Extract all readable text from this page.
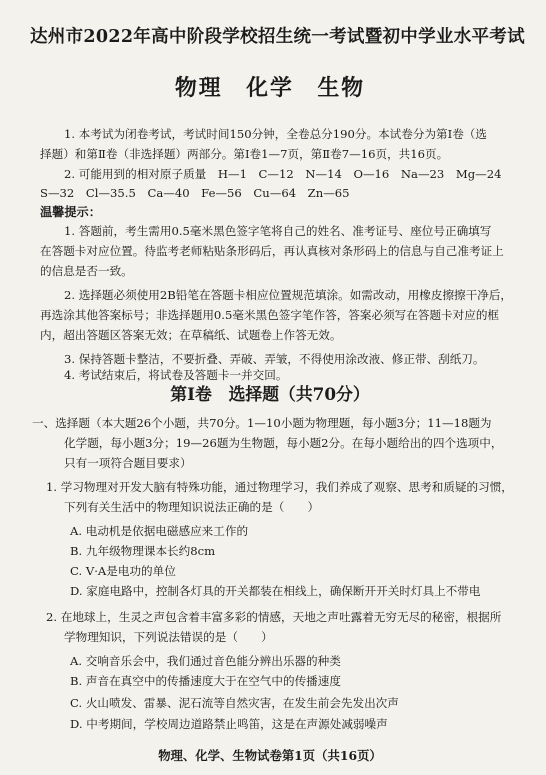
达州市2022年高中阶段学校招生统一考试暨初中学业水平考试
物理　化学　生物
1. 本考试为闭卷考试，考试时间150分钟，全卷总分190分。本试卷分为第Ⅰ卷（选
择题）和第Ⅱ卷（非选择题）两部分。第Ⅰ卷1—7页，第Ⅱ卷7—16页，共16页。
2. 可能用到的相对原子质量　H—1　C—12　N—14　O—16　Na—23　Mg—24
S—32　Cl—35.5　Ca—40　Fe—56　Cu—64　Zn—65
温馨提示：
1. 答题前，考生需用0.5毫米黑色签字笔将自己的姓名、准考证号、座位号正确填写
在答题卡对应位置。待监考老师粘贴条形码后，再认真核对条形码上的信息与自己准考证上
的信息是否一致。
2. 选择题必须使用2B铅笔在答题卡相应位置规范填涂。如需改动，用橡皮擦擦干净后，
再选涂其他答案标号；非选择题用0.5毫米黑色签字笔作答，答案必须写在答题卡对应的框
内，超出答题区答案无效；在草稿纸、试题卷上作答无效。
3. 保持答题卡整洁，不要折叠、弄破、弄皱，不得使用涂改液、修正带、刮纸刀。
4. 考试结束后，将试卷及答题卡一并交回。
第Ⅰ卷　选择题（共70分）
一、选择题（本大题26个小题，共70分。1—10小题为物理题，每小题3分；11—18题为
化学题，每小题3分；19—26题为生物题，每小题2分。在每小题给出的四个选项中，
只有一项符合题目要求）
1. 学习物理对开发大脑有特殊功能，通过物理学习，我们养成了观察、思考和质疑的习惯，
下列有关生活中的物理知识说法正确的是（　　）
A. 电动机是依据电磁感应来工作的
B. 九年级物理课本长约8cm
C. V·A是电功的单位
D. 家庭电路中，控制各灯具的开关都装在相线上，确保断开开关时灯具上不带电
2. 在地球上，生灵之声包含着丰富多彩的情感，天地之声吐露着无穷无尽的秘密，根据所
学物理知识，下列说法错误的是（　　）
A. 交响音乐会中，我们通过音色能分辨出乐器的种类
B. 声音在真空中的传播速度大于在空气中的传播速度
C. 火山喷发、雷暴、泥石流等自然灾害，在发生前会先发出次声
D. 中考期间，学校周边道路禁止鸣笛，这是在声源处减弱噪声
物理、化学、生物试卷第1页（共16页）
